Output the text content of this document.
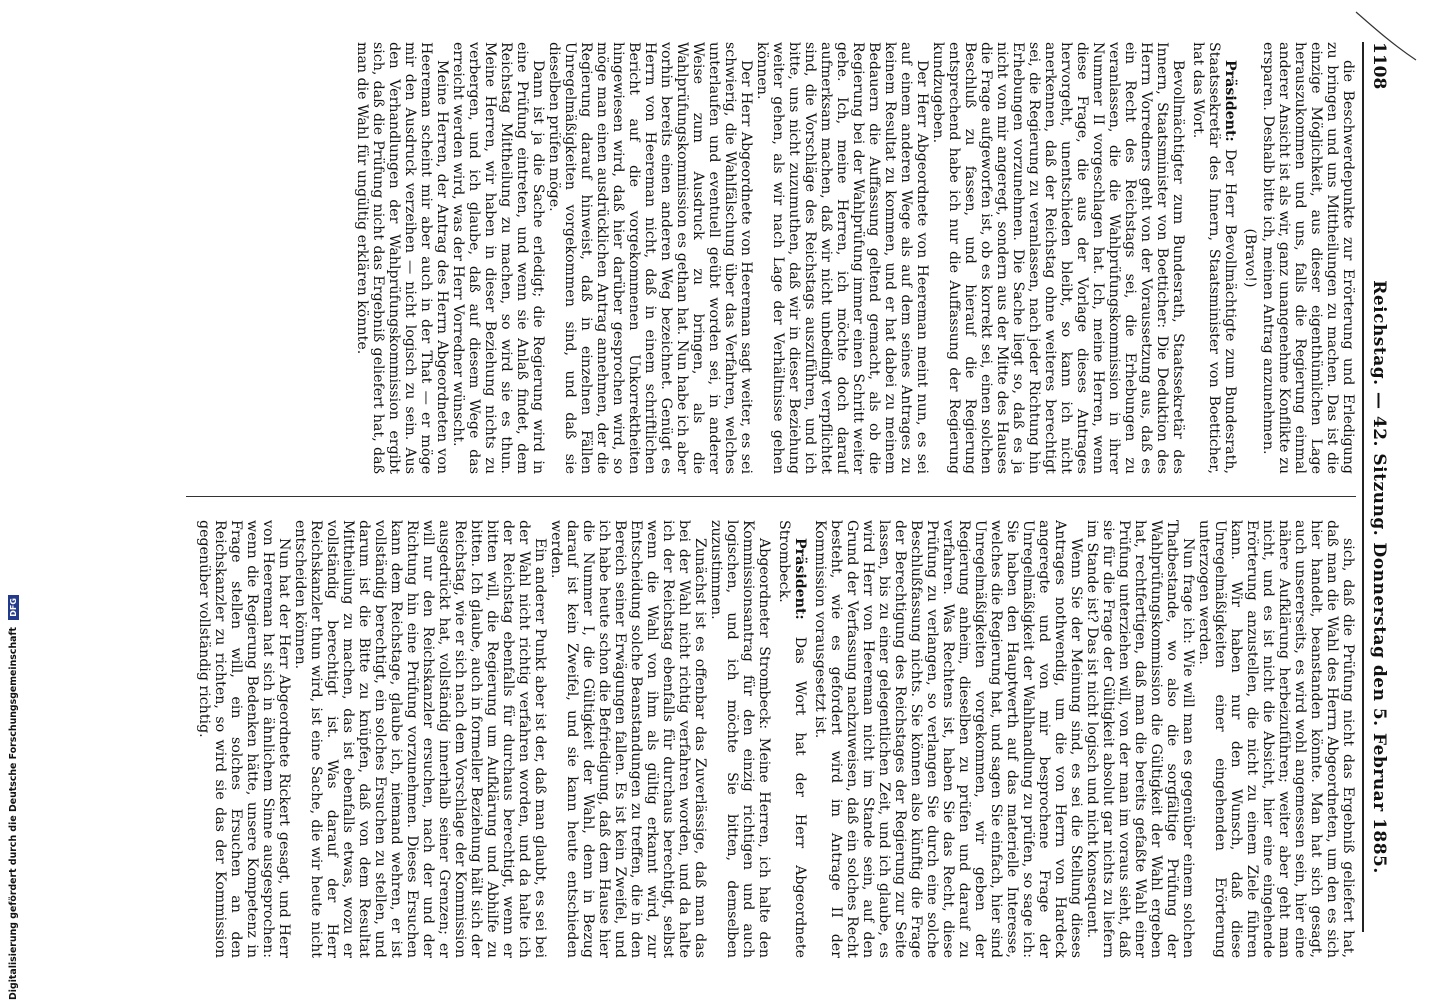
1108
Reichstag. — 42. Sitzung. Donnerstag den 5. Februar 1885.

die Beschwerdepunkte zur Erörterung und Erledigung zu bringen und uns Mittheilungen zu machen. Das ist die einzige Möglichkeit, aus dieser eigenthümlichen Lage herauszukommen und uns, falls die Regierung einmal anderer Ansicht ist als wir, ganz unangenehme Konflikte zu ersparen. Deshalb bitte ich, meinen Antrag anzunehmen.

(Bravo!)

Präsident: Der Herr Bevollmächtigte zum Bundesrath, Staatssekretär des Innern, Staatsminister von Boetticher, hat das Wort.

Bevollmächtigter zum Bundesrath, Staatssekretär des Innern, Staatsminister von Boetticher: Die Deduktion des Herrn Vorredners geht von der Voraussetzung aus, daß es ein Recht des Reichstags sei, die Erhebungen zu veranlassen, die die Wahlprüfungskommission in ihrer Nummer II vorgeschlagen hat. Ich, meine Herren, wenn diese Frage, die aus der Vorlage dieses Antrages hervorgeht, unentschieden bleibt, so kann ich nicht anerkennen, daß der Reichstag ohne weiteres berechtigt sei, die Regierung zu veranlassen, nach jeder Richtung hin Erhebungen vorzunehmen. Die Sache liegt so, daß es ja nicht von mir angeregt, sondern aus der Mitte des Hauses die Frage aufgeworfen ist, ob es korrekt sei, einen solchen Beschluß zu fassen, und hierauf die Regierung entsprechend habe ich nur die Auffassung der Regierung kundzugeben.

Der Herr Abgeordnete von Heereman meint nun, es sei auf einem anderen Wege als auf dem seines Antrages zu keinem Resultat zu kommen, und er hat dabei zu meinem Bedauern die Auffassung geltend gemacht, als ob die Regierung bei der Wahlprüfung immer einen Schritt weiter gehe. Ich, meine Herren, ich möchte doch darauf aufmerksam machen, daß wir nicht unbedingt verpflichtet sind, die Vorschläge des Reichstags auszuführen, und ich bitte, uns nicht zuzumuthen, daß wir in dieser Beziehung weiter gehen, als wir nach Lage der Verhältnisse gehen können.

Der Herr Abgeordnete von Heereman sagt weiter, es sei schwierig, die Wahlfälschung über das Verfahren, welches unterlaufen und eventuell geübt worden sei, in anderer Weise zum Ausdruck zu bringen, als die Wahlprüfungskommission es gethan hat. Nun habe ich aber vorhin bereits einen anderen Weg bezeichnet. Genügt es Herrn von Heereman nicht, daß in einem schriftlichen Bericht auf die vorgekommenen Unkorrektheiten hingewiesen wird, daß hier darüber gesprochen wird, so möge man einen ausdrücklichen Antrag annehmen, der die Regierung darauf hinweist, daß in einzelnen Fällen Unregelmäßigkeiten vorgekommen sind, und daß sie dieselben prüfen möge.

Dann ist ja die Sache erledigt; die Regierung wird in eine Prüfung eintreten, und wenn sie Anlaß findet, dem Reichstag Mittheilung zu machen, so wird sie es thun. Meine Herren, wir haben in dieser Beziehung nichts zu verbergen, und ich glaube, daß auf diesem Wege das erreicht werden wird, was der Herr Vorredner wünscht.

Meine Herren, der Antrag des Herrn Abgeordneten von Heereman scheint mir aber auch in der That — er möge mir den Ausdruck verzeihen — nicht logisch zu sein. Aus den Verhandlungen der Wahlprüfungskommission ergibt sich, daß die Prüfung nicht das Ergebniß geliefert hat, daß man die Wahl für ungültig erklären könnte.

sich, daß die Prüfung nicht das Ergebniß geliefert hat, daß man die Wahl des Herrn Abgeordneten, um den es sich hier handelt, beanstanden könnte. Man hat sich gesagt, auch unsererseits, es wird wohl angemessen sein, hier eine nähere Aufklärung herbeizuführen; weiter aber geht man nicht, und es ist nicht die Absicht, hier eine eingehende Erörterung anzustellen, die nicht zu einem Ziele führen kann. Wir haben nur den Wunsch, daß diese Unregelmäßigkeiten einer eingehenden Erörterung unterzogen werden.

Nun frage ich: Wie will man es gegenüber einem solchen Thatbestande, wo also die sorgfältige Prüfung der Wahlprüfungskommission die Gültigkeit der Wahl ergeben hat, rechtfertigen, daß man die bereits gefaßte Wahl einer Prüfung unterziehen will, von der man im voraus sieht, daß sie für die Frage der Gültigkeit absolut gar nichts zu liefern im Stande ist? Das ist nicht logisch und nicht konsequent.

Wenn Sie der Meinung sind, es sei die Stellung dieses Antrages nothwendig, um die von Herrn von Hardeck angeregte und von mir besprochene Frage der Unregelmäßigkeit der Wahlhandlung zu prüfen, so sage ich: Sie haben den Hauptwerth auf das materielle Interesse, welches die Regierung hat, und sagen Sie einfach, hier sind Unregelmäßigkeiten vorgekommen, wir geben der Regierung anheim, dieselben zu prüfen und darauf zu verfahren. Was Rechtens ist, haben Sie das Recht, diese Prüfung zu verlangen, so verlangen Sie durch eine solche Beschlußfassung nichts. Sie können also künftig die Frage der Berechtigung des Reichstages der Regierung zur Seite lassen, bis zu einer gelegentlichen Zeit, und ich glaube, es wird Herr von Heereman nicht im Stande sein, auf den Grund der Verfassung nachzuweisen, daß ein solches Recht besteht, wie es gefordert wird im Antrage II der Kommission vorausgesetzt ist.

Präsident: Das Wort hat der Herr Abgeordnete Strombeck.

Abgeordneter Strombeck: Meine Herren, ich halte den Kommissionsantrag für den einzig richtigen und auch logischen, und ich möchte Sie bitten, demselben zuzustimmen.

Zunächst ist es offenbar das Zuverlässige, daß man das bei der Wahl nicht richtig verfahren worden, und da halte ich der Reichstag ebenfalls für durchaus berechtigt, selbst wenn die Wahl von ihm als gültig erkannt wird, zur Entscheidung solche Beanstandungen zu treffen, die in den Bereich seiner Erwägungen fallen. Es ist kein Zweifel, und ich habe heute schon die Befriedigung, daß dem Hause hier die Nummer I, die Gültigkeit der Wahl, denn in Bezug darauf ist kein Zweifel, und sie kann heute entschieden werden.

Ein anderer Punkt aber ist der, daß man glaubt, es sei bei der Wahl nicht richtig verfahren worden, und da halte ich der Reichstag ebenfalls für durchaus berechtigt, wenn er bitten will, die Regierung um Aufklärung und Abhilfe zu bitten. Ich glaube, auch in formeller Beziehung hält sich der Reichstag, wie er sich nach dem Vorschlage der Kommission ausgedrückt hat, vollständig innerhalb seiner Grenzen; er will nur den Reichskanzler ersuchen, nach der und der Richtung hin eine Prüfung vorzunehmen. Dieses Ersuchen kann dem Reichstage, glaube ich, niemand wehren, er ist vollständig berechtigt, ein solches Ersuchen zu stellen, und darum ist die Bitte zu knüpfen, daß von dem Resultat Mittheilung zu machen, das ist ebenfalls etwas, wozu er vollständig berechtigt ist. Was darauf der Herr Reichskanzler thun wird, ist eine Sache, die wir heute nicht entscheiden können.

Nun hat der Herr Abgeordnete Rickert gesagt, und Herr von Heereman hat sich in ähnlichem Sinne ausgesprochen: wenn die Regierung Bedenken hätte, unsere Kompetenz in Frage stellen will, ein solches Ersuchen an den Reichskanzler zu richten, so wird sie das der Kommission gegenüber vollständig richtig.

Digitalisierung gefördert durch die Deutsche Forschungsgemeinschaft DFG
